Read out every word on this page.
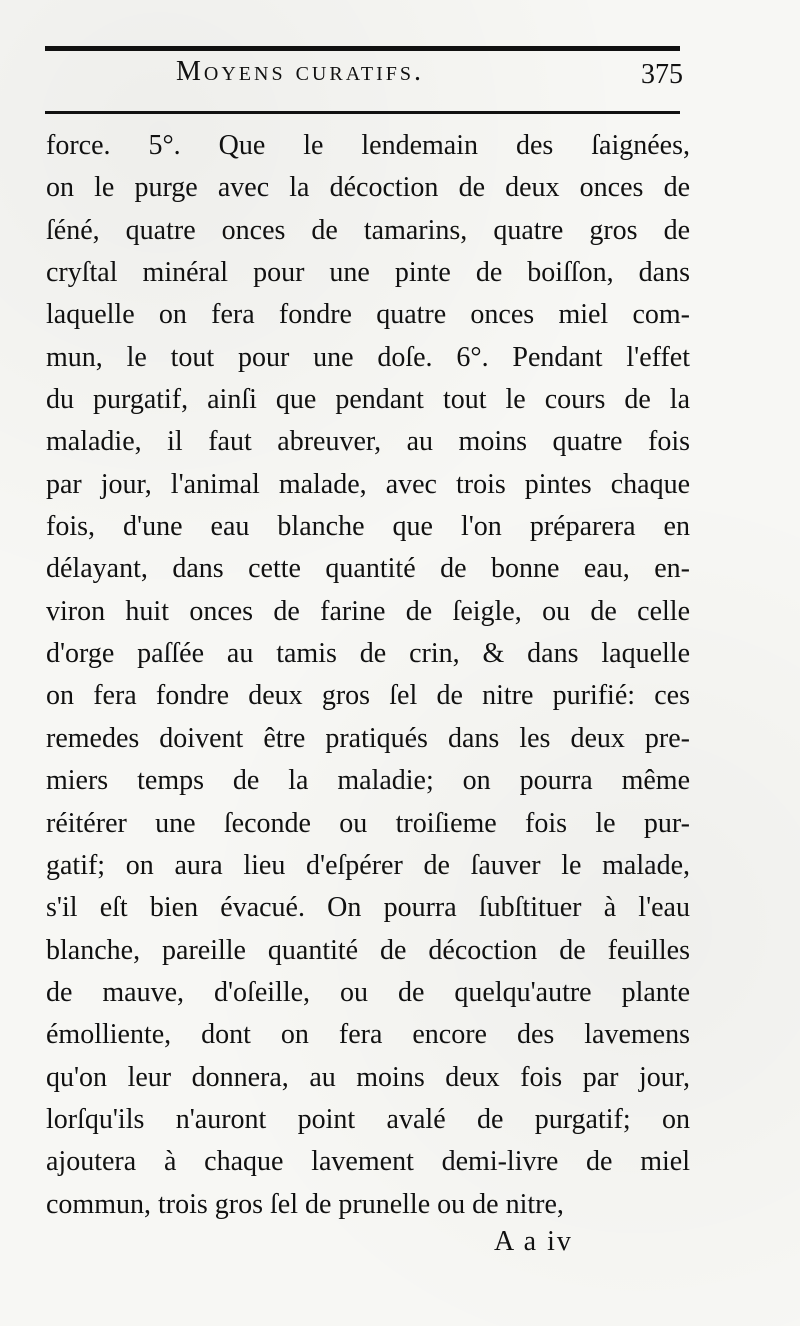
Moyens curatifs.	375
force. 5°. Que le lendemain des ſaignées,
on le purge avec la décoction de deux onces de
ſéné, quatre onces de tamarins, quatre gros de
cryſtal minéral pour une pinte de boiſſon, dans
laquelle on fera fondre quatre onces miel com-
mun, le tout pour une doſe. 6°. Pendant l'effet
du purgatif, ainſi que pendant tout le cours de la
maladie, il faut abreuver, au moins quatre fois
par jour, l'animal malade, avec trois pintes chaque
fois, d'une eau blanche que l'on préparera en
délayant, dans cette quantité de bonne eau, en-
viron huit onces de farine de ſeigle, ou de celle
d'orge paſſée au tamis de crin, & dans laquelle
on fera fondre deux gros ſel de nitre purifié: ces
remedes doivent être pratiqués dans les deux pre-
miers temps de la maladie; on pourra même
réitérer une ſeconde ou troiſieme fois le pur-
gatif; on aura lieu d'eſpérer de ſauver le malade,
s'il eſt bien évacué. On pourra ſubſtituer à l'eau
blanche, pareille quantité de décoction de feuilles
de mauve, d'oſeille, ou de quelqu'autre plante
émolliente, dont on fera encore des lavemens
qu'on leur donnera, au moins deux fois par jour,
lorſqu'ils n'auront point avalé de purgatif; on
ajoutera à chaque lavement demi-livre de miel
commun, trois gros ſel de prunelle ou de nitre,
A a iv
